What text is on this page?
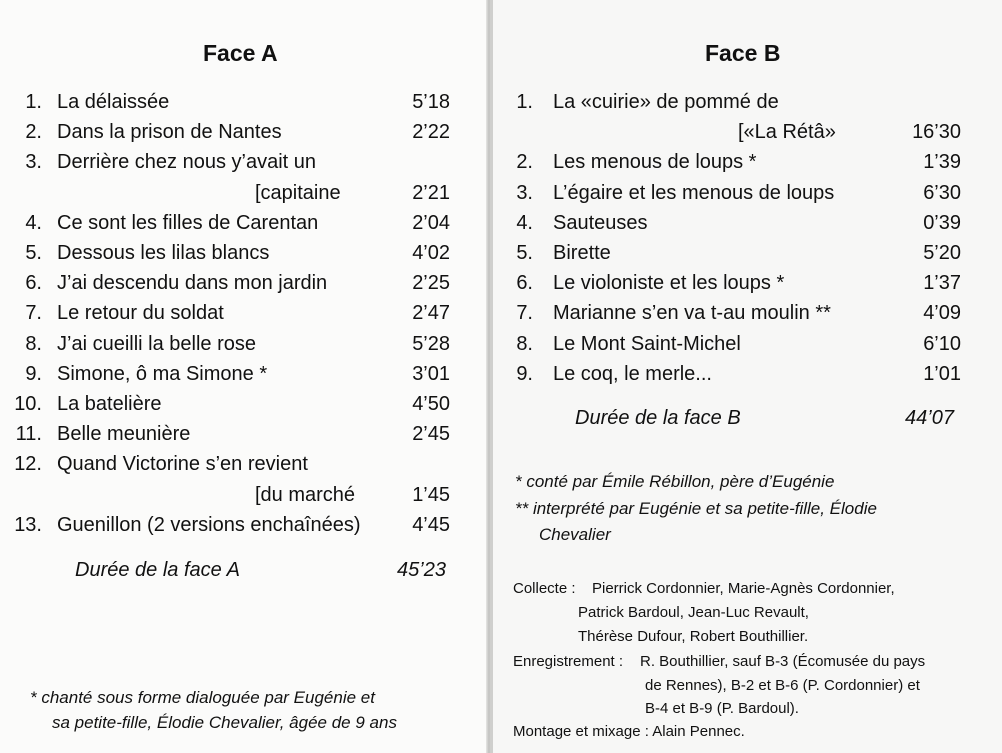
Face A
1. La délaissée	5’18
2. Dans la prison de Nantes	2’22
3. Derrière chez nous y’avait un
[capitaine	2’21
4. Ce sont les filles de Carentan	2’04
5. Dessous les lilas blancs	4’02
6. J’ai descendu dans mon jardin	2’25
7. Le retour du soldat	2’47
8. J’ai cueilli la belle rose	5’28
9. Simone, ô ma Simone *	3’01
10. La batelière	4’50
11. Belle meunière	2’45
12. Quand Victorine s’en revient
[du marché	1’45
13. Guenillon (2 versions enchaînées)	4’45
Durée de la face A	45’23
* chanté sous forme dialoguée par Eugénie et
sa petite-fille, Élodie Chevalier, âgée de 9 ans
Face B
1. La «cuirie» de pommé de
[«La Rétâ»	16’30
2. Les menous de loups *	1’39
3. L’égaire et les menous de loups	6’30
4. Sauteuses	0’39
5. Birette	5’20
6. Le violoniste et les loups *	1’37
7. Marianne s’en va t-au moulin **	4’09
8. Le Mont Saint-Michel	6’10
9. Le coq, le merle...	1’01
Durée de la face B	44’07
* conté par Émile Rébillon, père d’Eugénie
** interprété par Eugénie et sa petite-fille, Élodie
Chevalier
Collecte : Pierrick Cordonnier, Marie-Agnès Cordonnier,
Patrick Bardoul, Jean-Luc Revault,
Thérèse Dufour, Robert Bouthillier.
Enregistrement : R. Bouthillier, sauf B-3 (Écomusée du pays
de Rennes), B-2 et B-6 (P. Cordonnier) et
B-4 et B-9 (P. Bardoul).
Montage et mixage : Alain Pennec.
